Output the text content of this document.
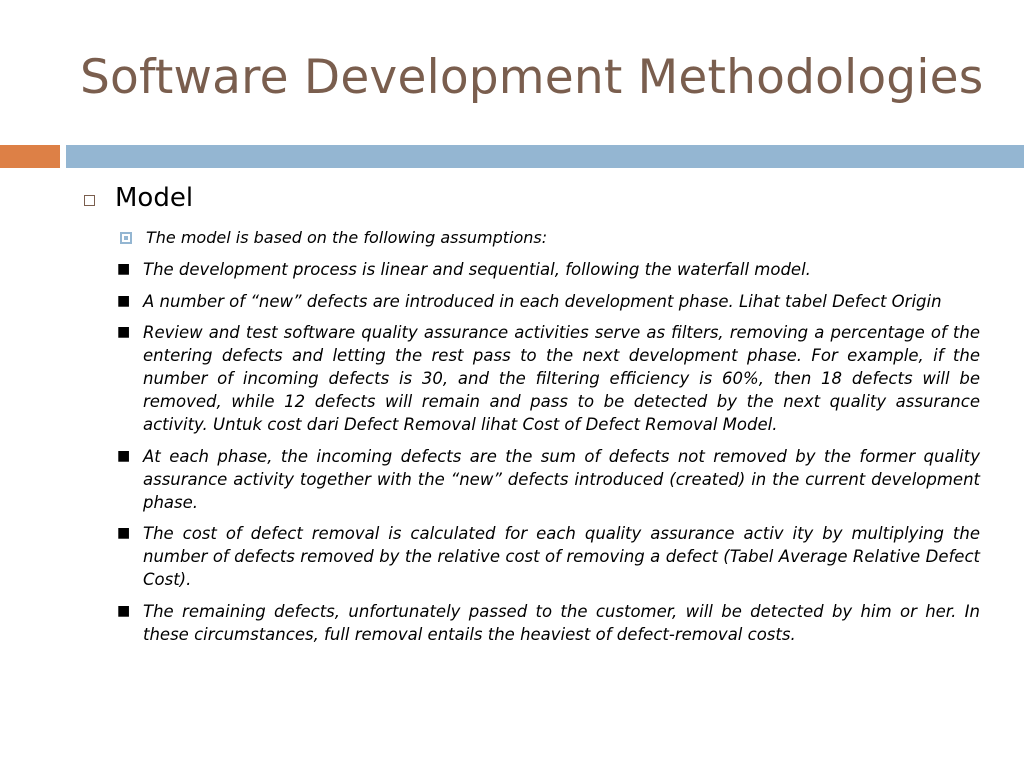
Software Development Methodologies
Model
The model is based on the following assumptions:
■ The development process is linear and sequential, following the waterfall model.
■ A number of “new” defects are introduced in each development phase. Lihat tabel Defect Origin
■ Review and test software quality assurance activities serve as filters, removing a percentage of the entering defects and letting the rest pass to the next development phase. For example, if the number of incoming defects is 30, and the filtering efficiency is 60%, then 18 defects will be removed, while 12 defects will remain and pass to be detected by the next quality assurance activity. Untuk cost dari Defect Removal lihat Cost of Defect Removal Model.
■ At each phase, the incoming defects are the sum of defects not removed by the former quality assurance activity together with the “new” defects introduced (created) in the current development phase.
■ The cost of defect removal is calculated for each quality assurance activ ity by multiplying the number of defects removed by the relative cost of removing a defect (Tabel Average Relative Defect Cost).
■ The remaining defects, unfortunately passed to the customer, will be detected by him or her. In these circumstances, full removal entails the heaviest of defect-removal costs.
